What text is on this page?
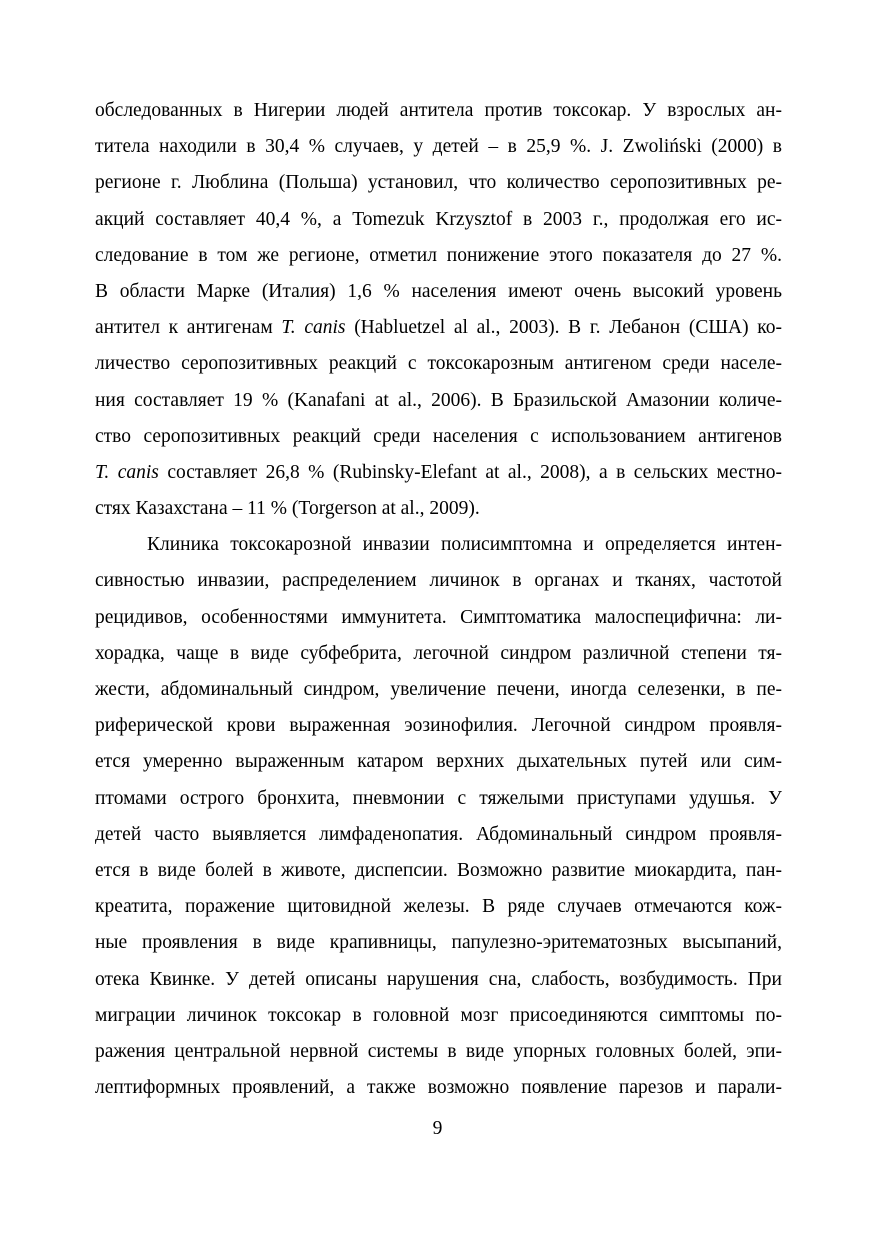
обследованных в Нигерии людей антитела против токсокар. У взрослых ан-
титела находили в 30,4 % случаев, у детей – в 25,9 %. J. Zwoliński (2000) в
регионе г. Люблина (Польша) установил, что количество серопозитивных ре-
акций составляет 40,4 %, а Tomezuk Krzysztof в 2003 г., продолжая его ис-
следование в том же регионе, отметил понижение этого показателя до 27 %.
В области Марке (Италия) 1,6 % населения имеют очень высокий уровень
антител к антигенам T. canis (Habluetzel al al., 2003). В г. Лебанон (США) ко-
личество серопозитивных реакций с токсокарозным антигеном среди населе-
ния составляет 19 % (Kanafani at al., 2006). В Бразильской Амазонии количе-
ство серопозитивных реакций среди населения с использованием антигенов
T. canis составляет 26,8 % (Rubinsky-Elefant at al., 2008), а в сельских местно-
стях Казахстана – 11 % (Torgerson at al., 2009).
Клиника токсокарозной инвазии полисимптомна и определяется интен-
сивностью инвазии, распределением личинок в органах и тканях, частотой
рецидивов, особенностями иммунитета. Симптоматика малоспецифична: ли-
хорадка, чаще в виде субфебрита, легочной синдром различной степени тя-
жести, абдоминальный синдром, увеличение печени, иногда селезенки, в пе-
риферической крови выраженная эозинофилия. Легочной синдром проявля-
ется умеренно выраженным катаром верхних дыхательных путей или сим-
птомами острого бронхита, пневмонии с тяжелыми приступами удушья. У
детей часто выявляется лимфаденопатия. Абдоминальный синдром проявля-
ется в виде болей в животе, диспепсии. Возможно развитие миокардита, пан-
креатита, поражение щитовидной железы. В ряде случаев отмечаются кож-
ные проявления в виде крапивницы, папулезно-эритематозных высыпаний,
отека Квинке. У детей описаны нарушения сна, слабость, возбудимость. При
миграции личинок токсокар в головной мозг присоединяются симптомы по-
ражения центральной нервной системы в виде упорных головных болей, эпи-
лептиформных проявлений, а также возможно появление парезов и парали-
9
